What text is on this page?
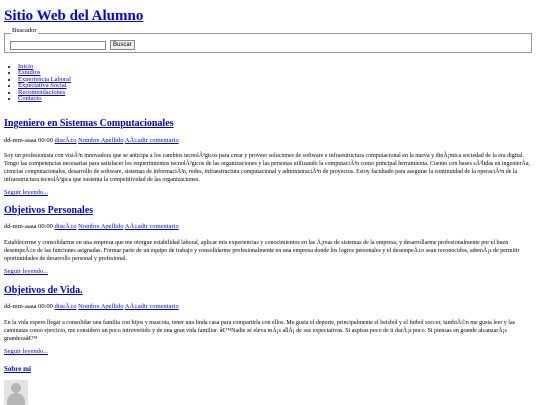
Sitio Web del Alumno
Buscador
Buscar
• Inicio
• Estudios
• Experiencia Laboral
• Expectativa Social
• Recomendaciones
• Contacto
Ingeniero en Sistemas Computacionales
dd-mm-aaaa 00:00 diseÃ±o Nombre Apellido AÃ±adir comentario

Soy un profesionista con visiÃ³n innovadora que se anticipa a los cambios tecnolÃ³gicos para crear y proveer soluciones de software e infraestructura computacional en la nueva y dinÃ¡mica sociedad de la era digital. Tengo las competencias necesarias para satisfacer los requerimientos tecnolÃ³gicos de las organizaciones y las personas utilizando la computaciÃ³n como principal herramienta. Cuento con bases sÃ³lidas en ingenierÃa, ciencias computacionales, desarrollo de software, sistemas de informaciÃ³n, redes, infraestructura computacional y administraciÃ³n de proyectos. Estoy facultado para asegurar la continuidad de la operaciÃ³n de la infraestructura tecnolÃ³gica que sustenta la competitividad de las organizaciones.

Seguir leyendo...
Objetivos Personales
dd-mm-aaaa 00:00 diseÃ±o Nombre Apellido AÃ±adir comentario

Establecerme y consolidarme en una empresa que me otorgue estabilidad laboral, aplicar mis experiencias y conocimientos en las Ã¡reas de sistemas de la empresa, y desarrollarme profesionalmente por el buen desempeÃ±o de las funciones asignadas. Formar parte de un equipo de trabajo y consolidarme profesionalmente en una empresa donde los logros personales y el desempeÃ±o sean reconocidos, ademÃ¡s de permitir oportunidades de desarrollo personal y profesional.

Seguir leyendo...
Objetivos de Vida.
dd-mm-aaaa 00:00 diseÃ±o Nombre Apellido AÃ±adir comentario

En la vida espero llegar a consolidar una familia con hijos y mascota, tener una linda casa para compartirla con ellos. Me gusta el deporte, principalmente el beisbol y el futbol soccer, tambiÃ©n me gusta leer y las caminatas como ejercicio, me considero un poco introvertido y de una gran vida familiar. â€™Nadie se eleva mÃ¡s allÃ¡ de sus expectativas. Si aspiras poco de ti darÃ¡s poco. Si piensas en grande alcanzarÃ¡s grandezaâ€™

Seguir leyendo...
Sobre mi
